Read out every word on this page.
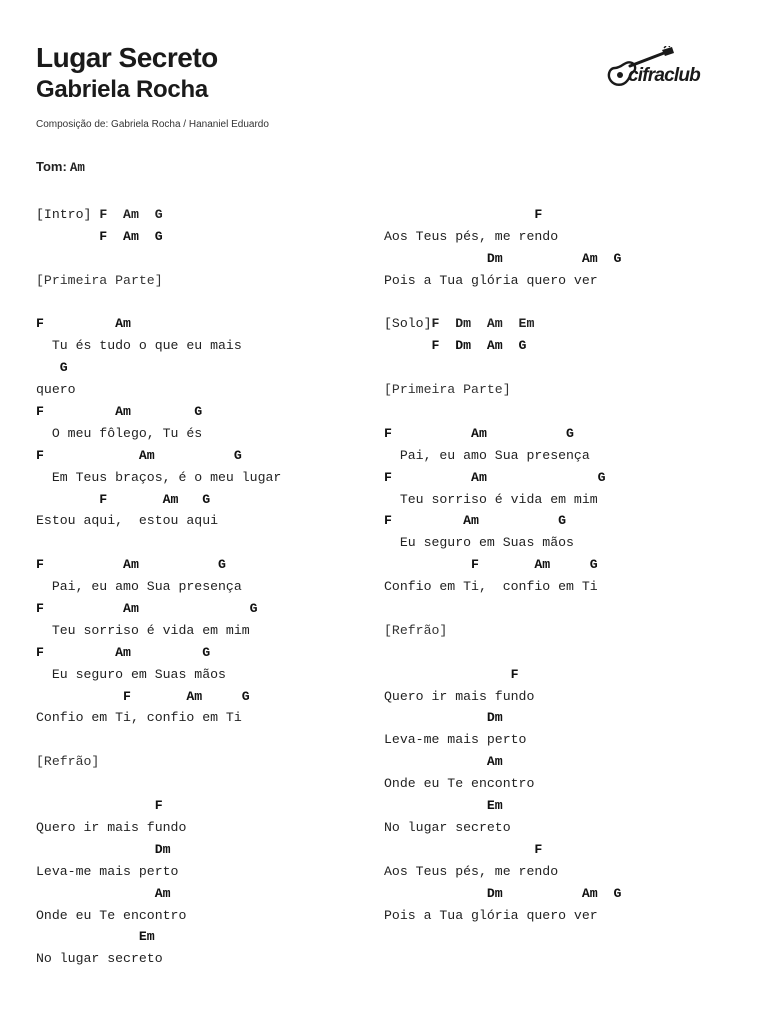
Lugar Secreto
Gabriela Rocha
Composição de: Gabriela Rocha / Hananiel Eduardo
Tom: Am
cifraclub
[Intro] F  Am  G
F  Am  G
[Primeira Parte]
F         Am
Tu és tudo o que eu mais
G
quero
F         Am        G
O meu fôlego, Tu és
F            Am          G
Em Teus braços, é o meu lugar
F       Am   G
Estou aqui,  estou aqui
F          Am          G
Pai, eu amo Sua presença
F          Am              G
Teu sorriso é vida em mim
F         Am         G
Eu seguro em Suas mãos
F       Am     G
Confio em Ti, confio em Ti
[Refrão]
F
Quero ir mais fundo
Dm
Leva-me mais perto
Am
Onde eu Te encontro
Em
No lugar secreto
F
Aos Teus pés, me rendo
Dm          Am  G
Pois a Tua glória quero ver
[Solo]F  Dm  Am  Em
F  Dm  Am  G
[Primeira Parte]
F          Am          G
Pai, eu amo Sua presença
F          Am              G
Teu sorriso é vida em mim
F         Am          G
Eu seguro em Suas mãos
F       Am     G
Confio em Ti,  confio em Ti
[Refrão]
F
Quero ir mais fundo
Dm
Leva-me mais perto
Am
Onde eu Te encontro
Em
No lugar secreto
F
Aos Teus pés, me rendo
Dm          Am  G
Pois a Tua glória quero ver
